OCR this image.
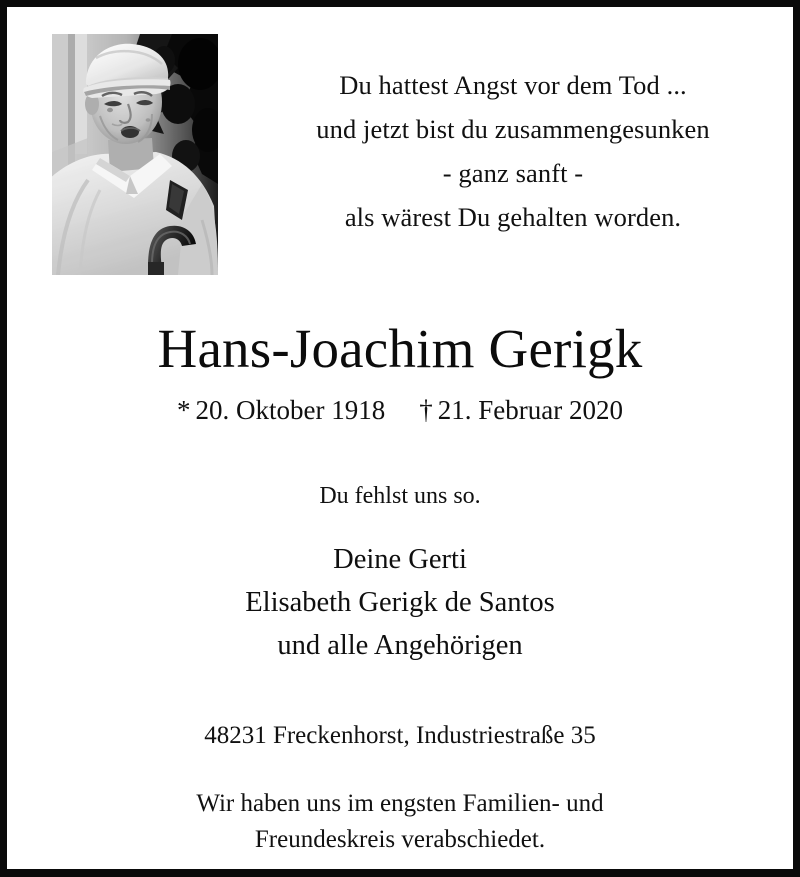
Du hattest Angst vor dem Tod ...
und jetzt bist du zusammengesunken
- ganz sanft -
als wärest Du gehalten worden.
Hans-Joachim Gerigk
* 20. Oktober 1918 † 21. Februar 2020
Du fehlst uns so.
Deine Gerti
Elisabeth Gerigk de Santos
und alle Angehörigen
48231 Freckenhorst, Industriestraße 35
Wir haben uns im engsten Familien- und
Freundeskreis verabschiedet.
